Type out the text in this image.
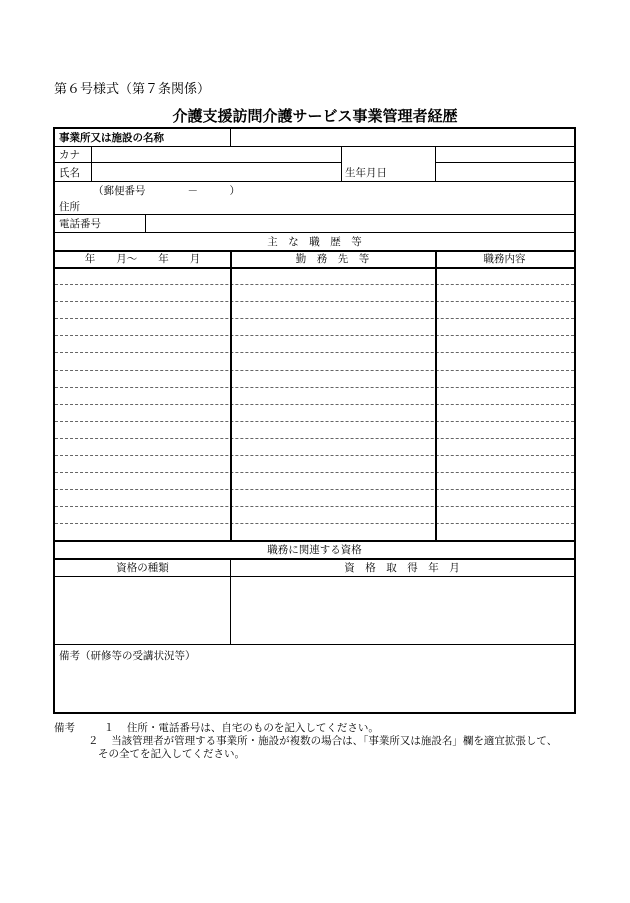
第６号様式（第７条関係）
介護支援訪問介護サービス事業管理者経歴
事業所又は施設の名称
カナ
氏名	生年月日
（郵便番号　　　　－　　　）
住所
電話番号
主　な　職　歴　等
年　　月～　　年　　月	勤　務　先　等	職務内容
職務に関連する資格
資格の種類	資　格　取　得　年　月
備考（研修等の受講状況等）
備考	１ 住所・電話番号は、自宅のものを記入してください。
２ 当該管理者が管理する事業所・施設が複数の場合は、「事業所又は施設名」欄を適宜拡張して、
その全てを記入してください。
